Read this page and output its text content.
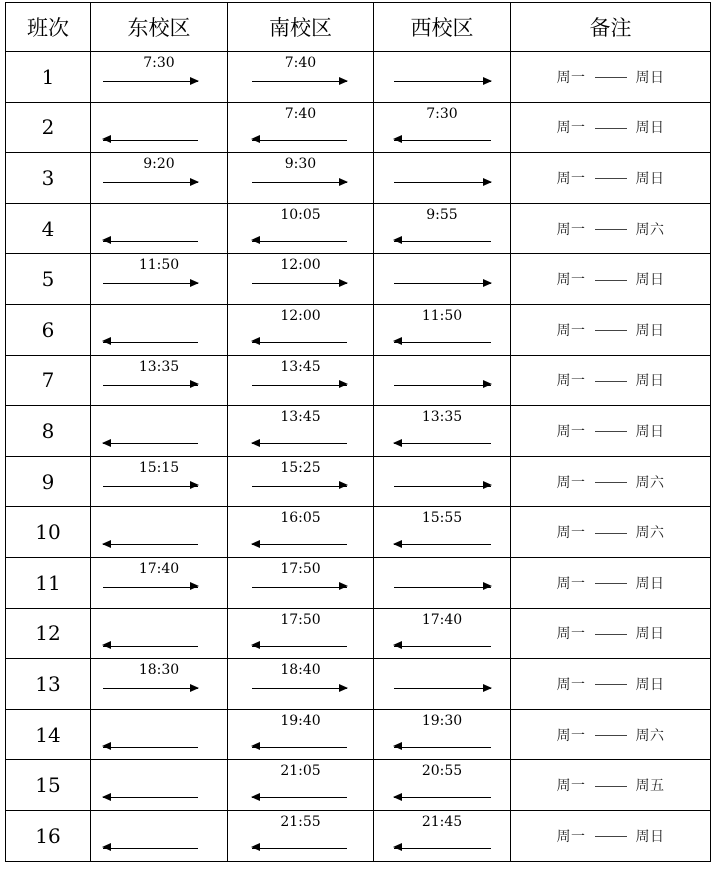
班次	东校区	南校区	西校区	备注
1	7:30	7:40		周一 周日
2		7:40	7:30	周一 周日
3	9:20	9:30		周一 周日
4		10:05	9:55	周一 周六
5	11:50	12:00		周一 周日
6		12:00	11:50	周一 周日
7	13:35	13:45		周一 周日
8		13:45	13:35	周一 周日
9	15:15	15:25		周一 周六
10		16:05	15:55	周一 周六
11	17:40	17:50		周一 周日
12		17:50	17:40	周一 周日
13	18:30	18:40		周一 周日
14		19:40	19:30	周一 周六
15		21:05	20:55	周一 周五
16		21:55	21:45	周一 周日
